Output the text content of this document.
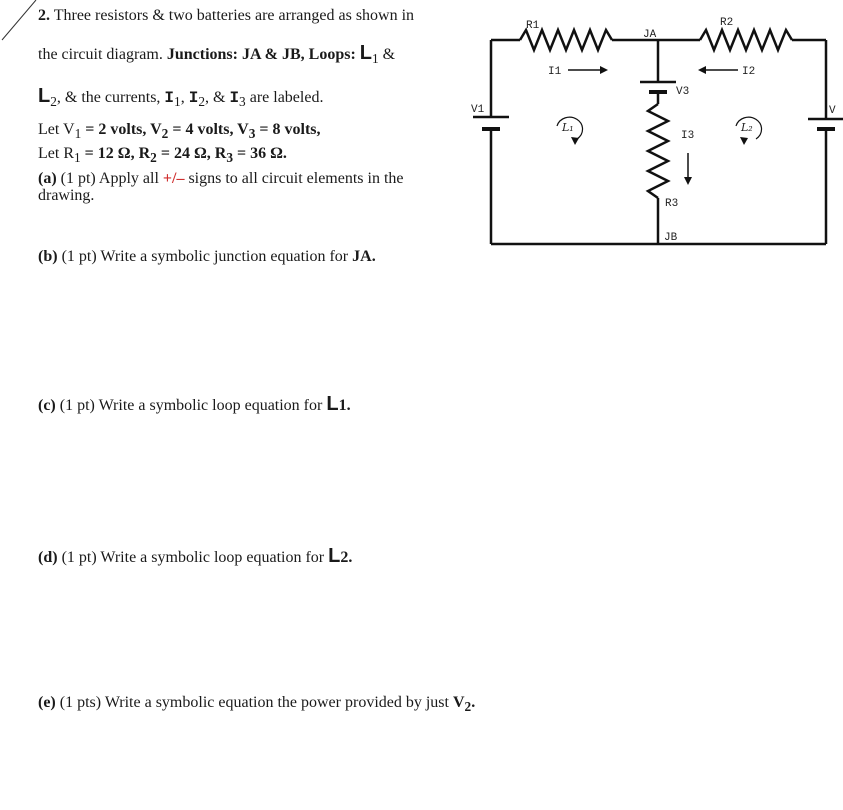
2. Three resistors & two batteries are arranged as shown in
the circuit diagram. Junctions: JA & JB, Loops: $L_1$ &
$L_2$, & the currents, $I_1$, $I_2$, & $I_3$ are labeled.
Let $V_1 = 2$ volts, $V_2 = 4$ volts, $V_3 = 8$ volts,
Let $R_1 = 12$ Ω, $R_2 = 24$ Ω, $R_3 = 36$ Ω.
(a) (1 pt) Apply all +/– signs to all circuit elements in the drawing.
(b) (1 pt) Write a symbolic junction equation for JA.
(c) (1 pt) Write a symbolic loop equation for L1.
(d) (1 pt) Write a symbolic loop equation for L2.
(e) (1 pts) Write a symbolic equation the power provided by just $V_2$.
R1	R2
R3
JA
JB
V1	V
V3
I1	I2
I3
L₁	L₂
